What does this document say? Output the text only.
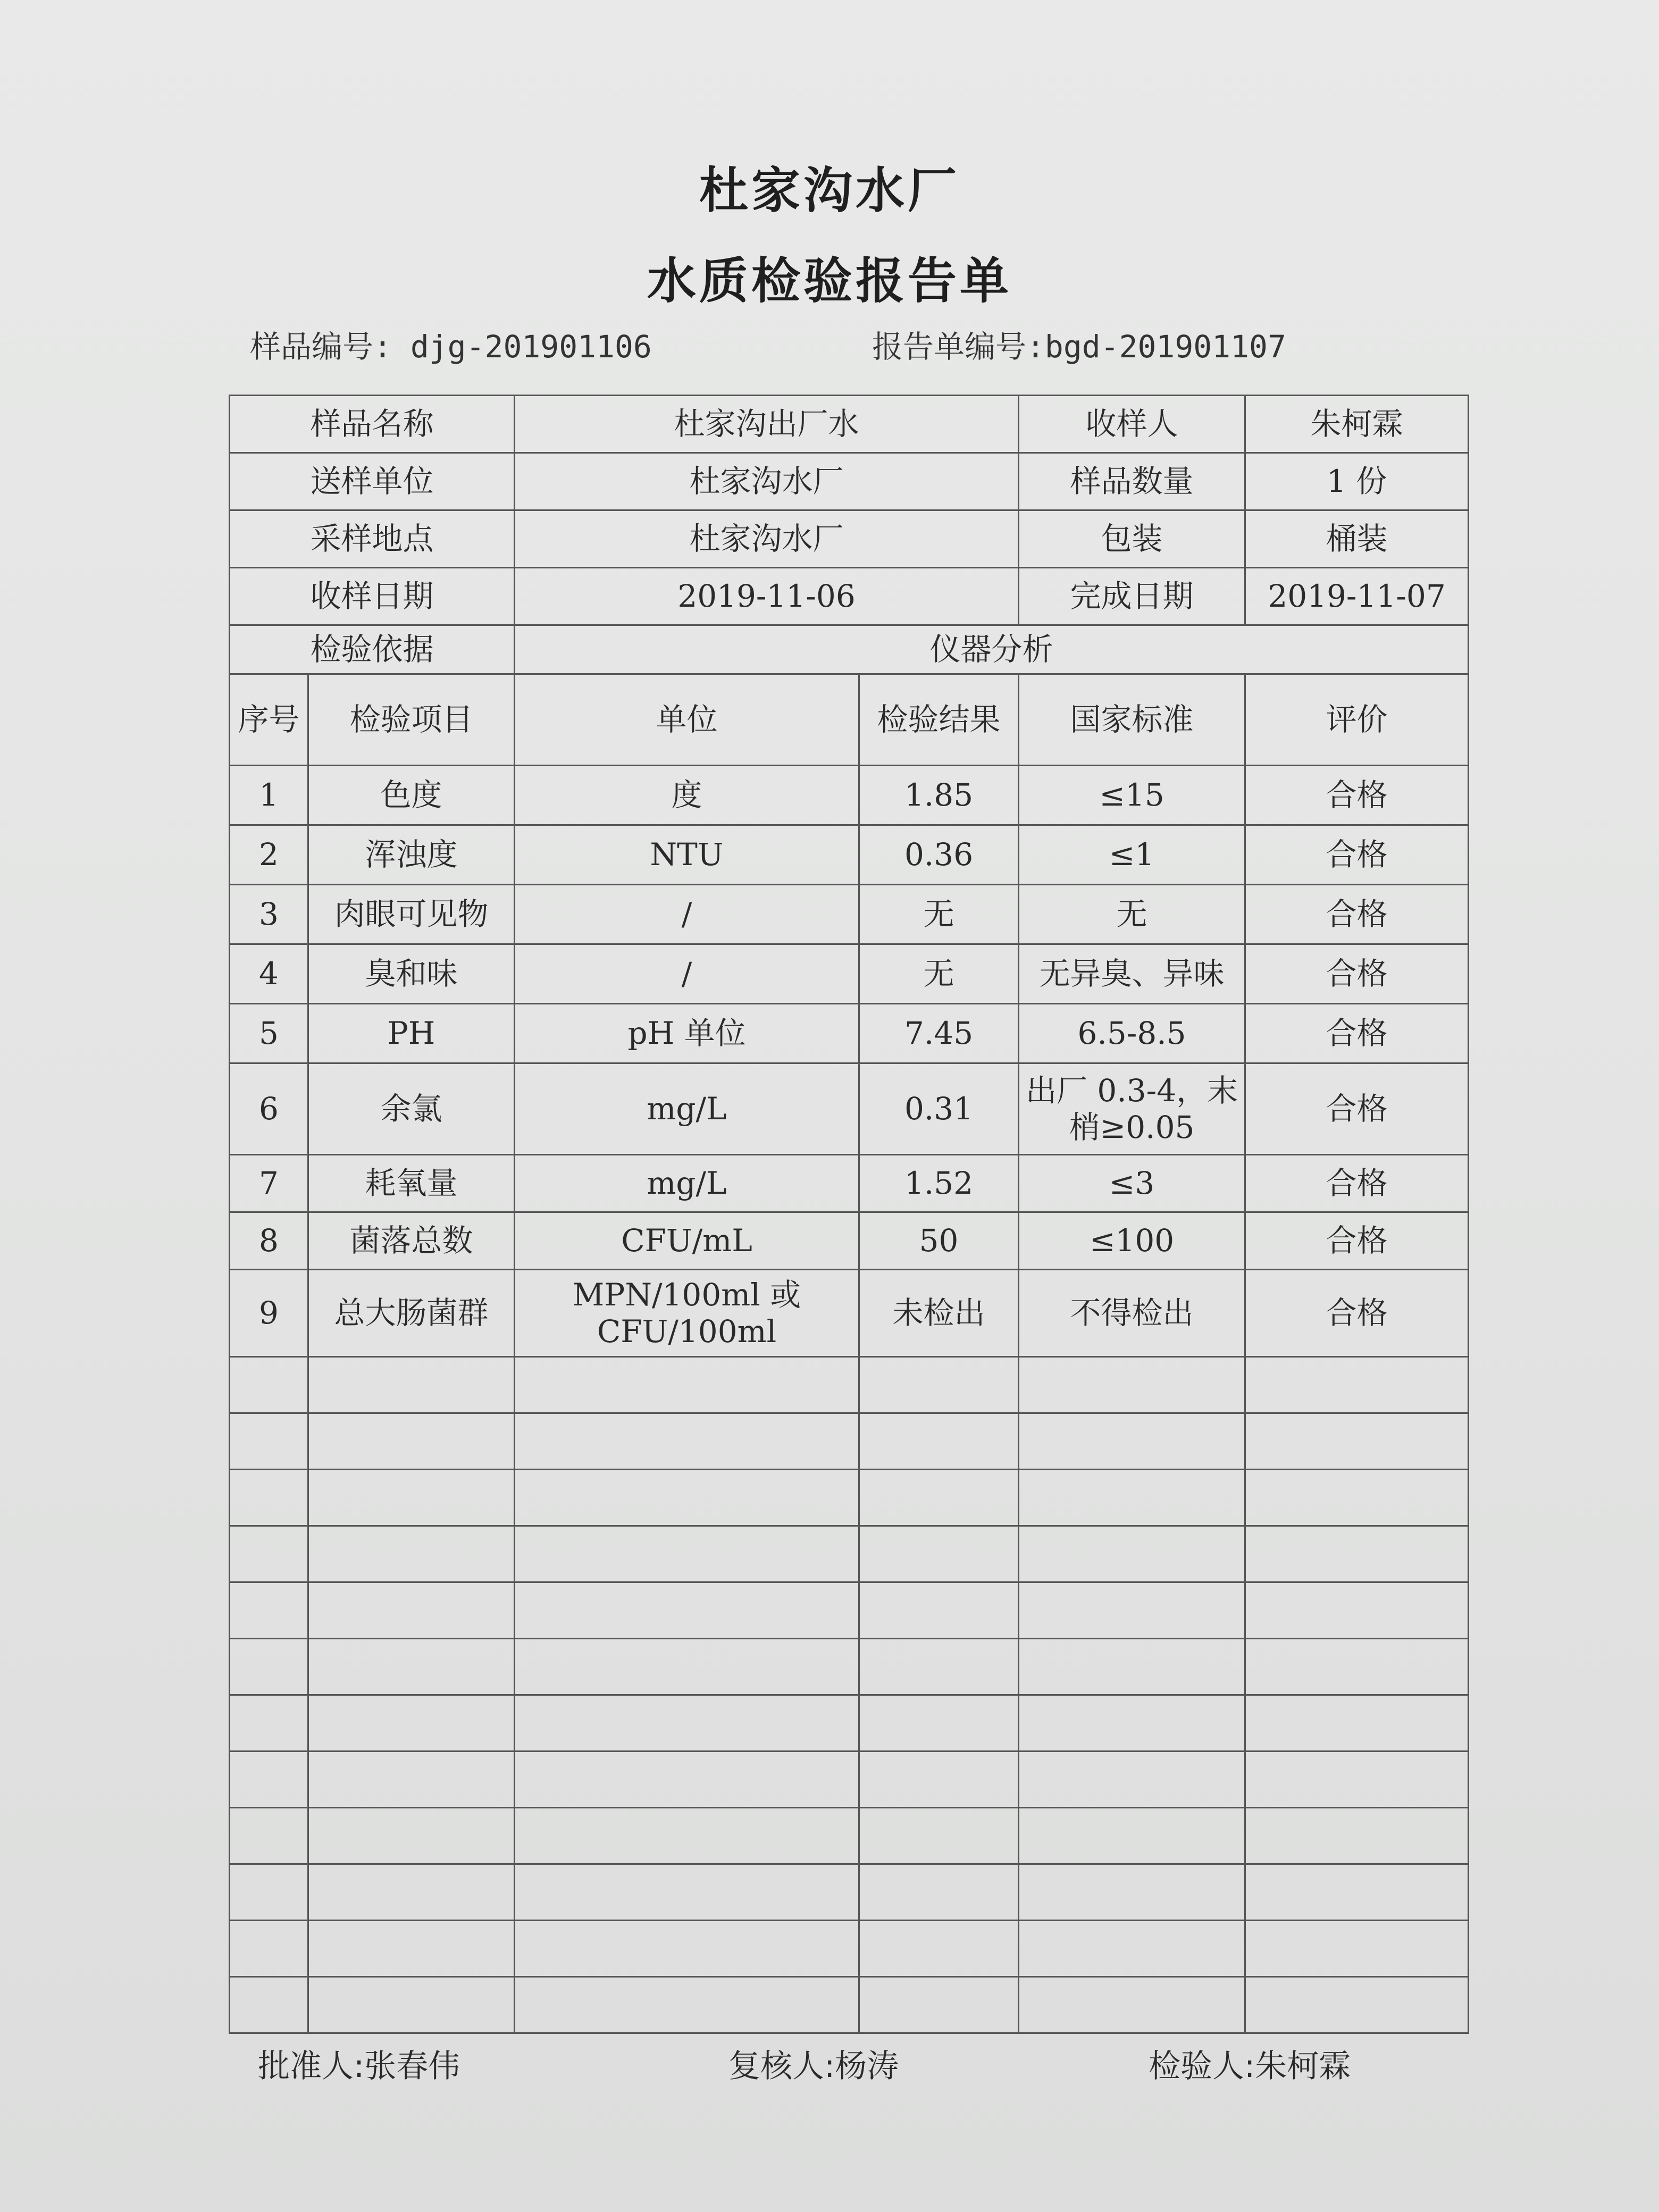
杜家沟水厂
水质检验报告单
样品编号: djg-201901106	报告单编号:bgd-201901107
样品名称		杜家沟出厂水		收样人	朱柯霖
送样单位		杜家沟水厂		样品数量	1 份
采样地点		杜家沟水厂		包装	桶装
收样日期		2019-11-06		完成日期	2019-11-07
检验依据		仪器分析			
序号	检验项目	单位	检验结果	国家标准	评价
1	色度	度	1.85	≤15	合格
2	浑浊度	NTU	0.36	≤1	合格
3	肉眼可见物	/	无	无	合格
4	臭和味	/	无	无异臭、异味	合格
5	PH	pH 单位	7.45	6.5-8.5	合格
6	余氯	mg/L	0.31	出厂 0.3-4，末梢≥0.05	合格
7	耗氧量	mg/L	1.52	≤3	合格
8	菌落总数	CFU/mL	50	≤100	合格
9	总大肠菌群	MPN/100ml 或 CFU/100ml	未检出	不得检出	合格

批准人:张春伟	复核人:杨涛	检验人:朱柯霖
